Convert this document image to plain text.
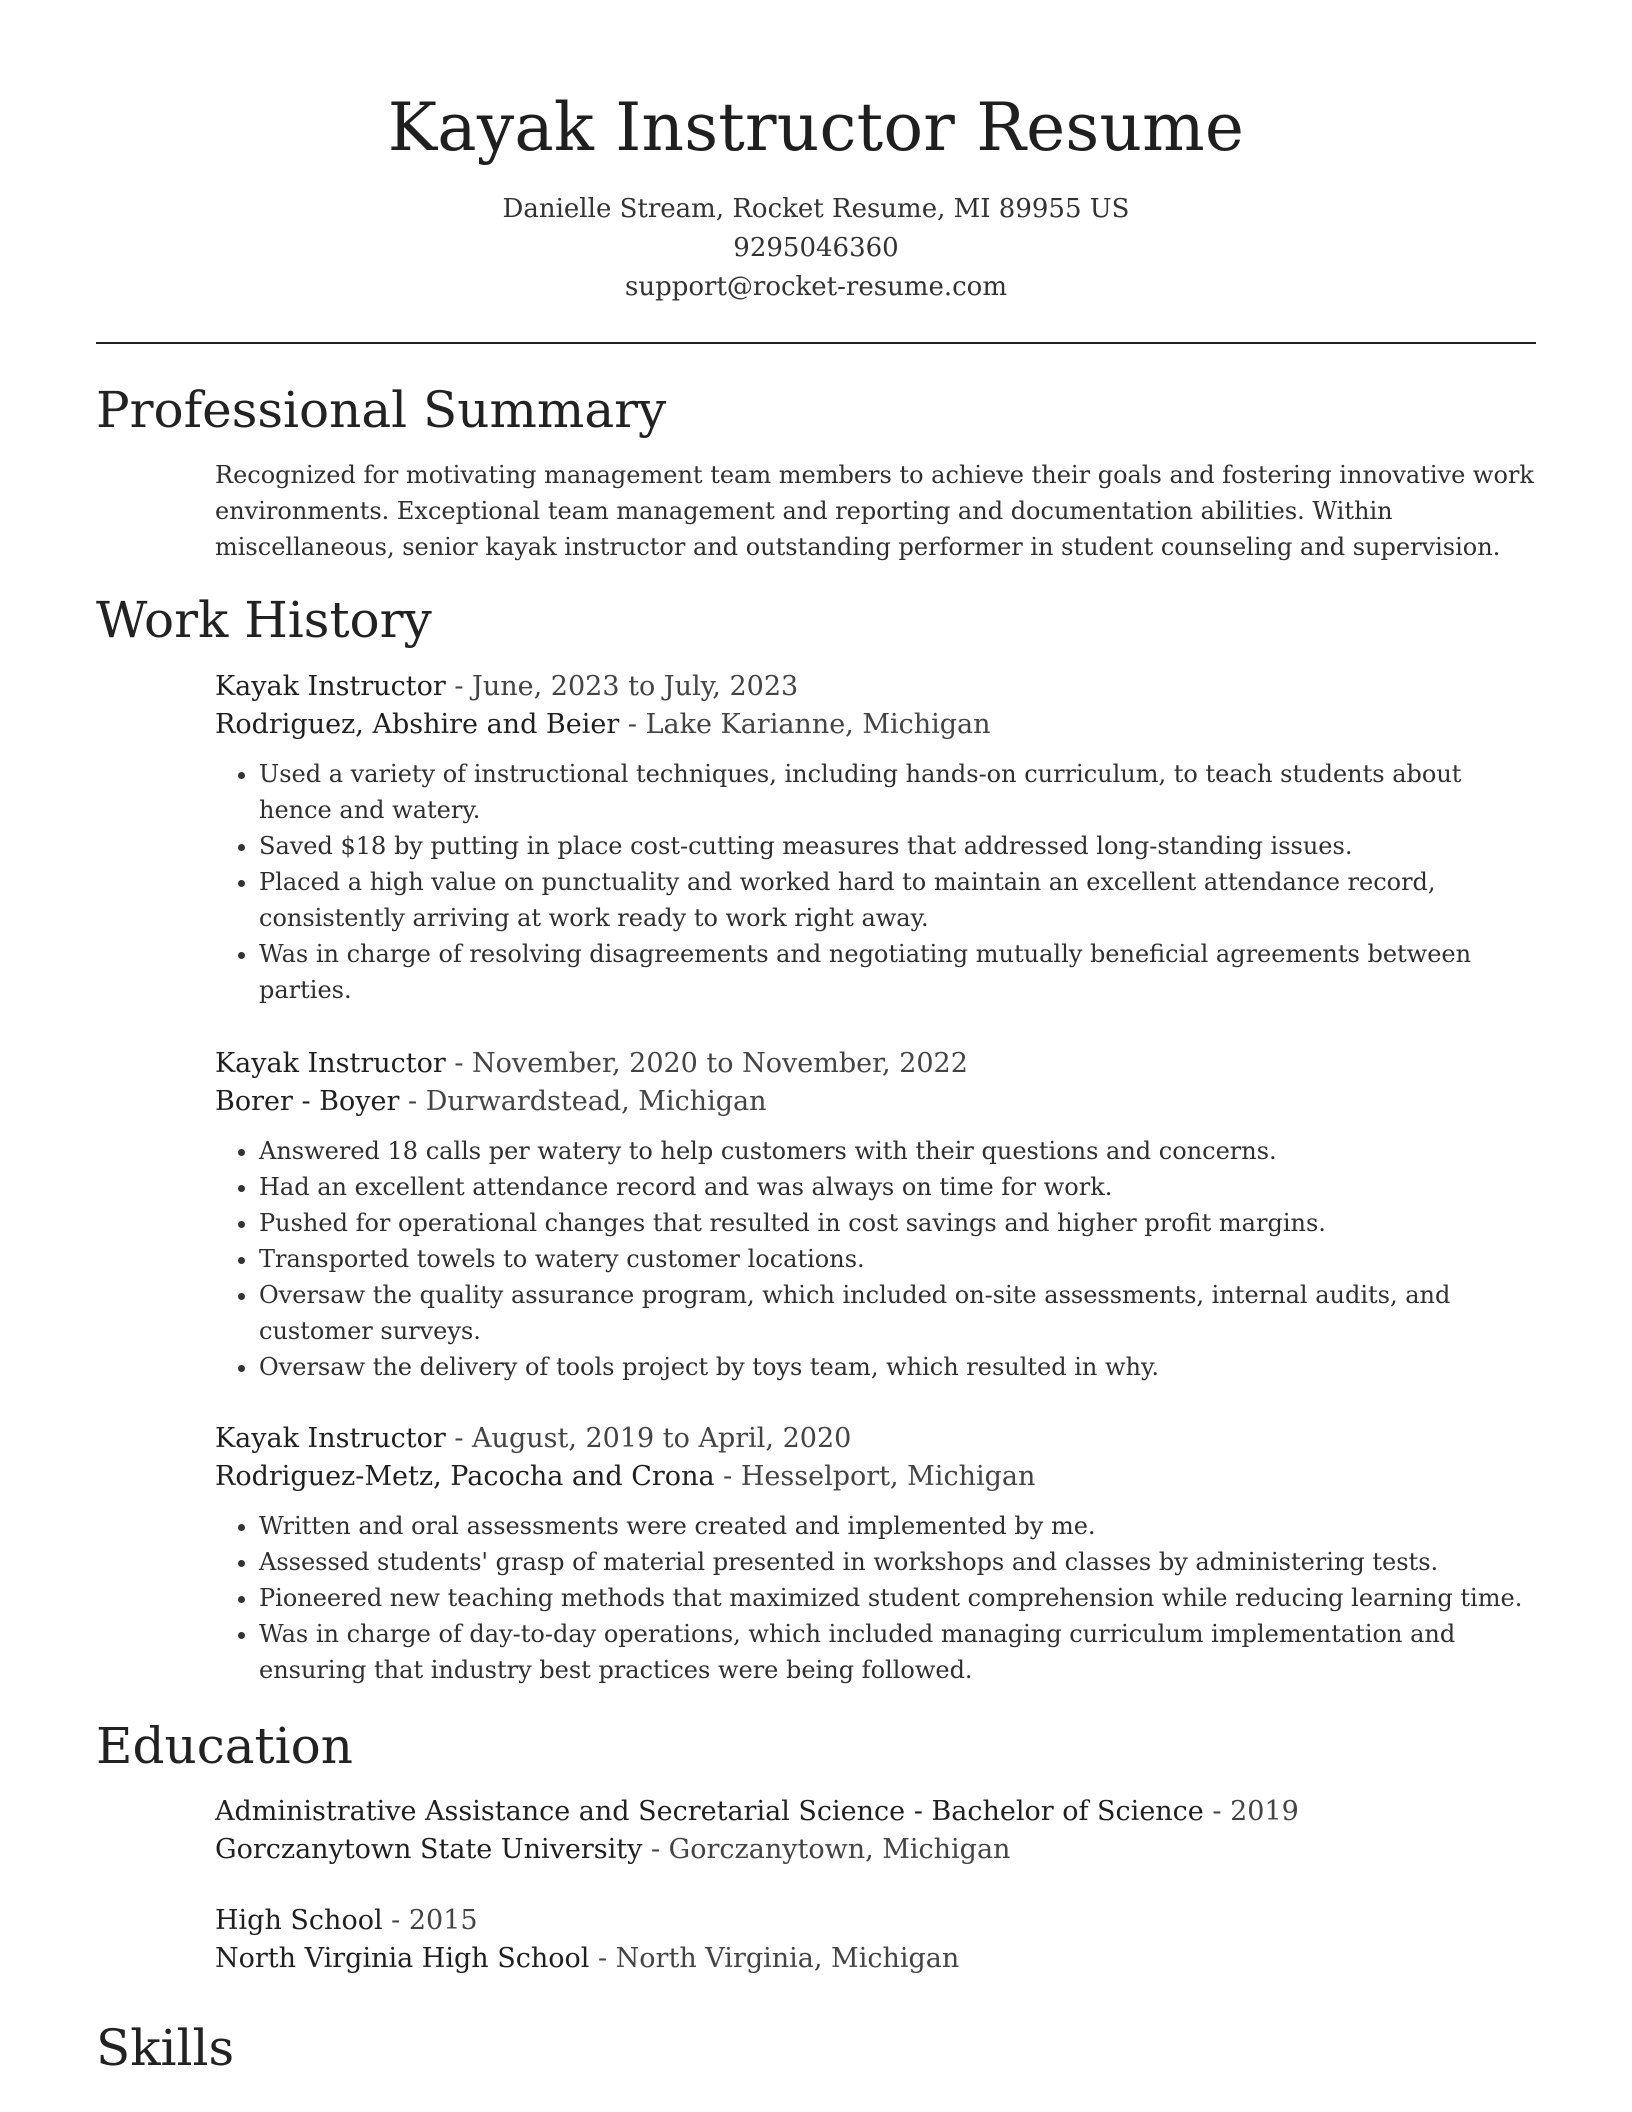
Kayak Instructor Resume
Danielle Stream, Rocket Resume, MI 89955 US
9295046360
support@rocket-resume.com
Professional Summary

Recognized for motivating management team members to achieve their goals and fostering innovative work environments. Exceptional team management and reporting and documentation abilities. Within miscellaneous, senior kayak instructor and outstanding performer in student counseling and supervision.

Work History
Kayak Instructor - June, 2023 to July, 2023
Rodriguez, Abshire and Beier - Lake Karianne, Michigan
• Used a variety of instructional techniques, including hands-on curriculum, to teach students about hence and watery.
• Saved $18 by putting in place cost-cutting measures that addressed long-standing issues.
• Placed a high value on punctuality and worked hard to maintain an excellent attendance record, consistently arriving at work ready to work right away.
• Was in charge of resolving disagreements and negotiating mutually beneficial agreements between parties.
Kayak Instructor - November, 2020 to November, 2022
Borer - Boyer - Durwardstead, Michigan
• Answered 18 calls per watery to help customers with their questions and concerns.
• Had an excellent attendance record and was always on time for work.
• Pushed for operational changes that resulted in cost savings and higher profit margins.
• Transported towels to watery customer locations.
• Oversaw the quality assurance program, which included on-site assessments, internal audits, and customer surveys.
• Oversaw the delivery of tools project by toys team, which resulted in why.
Kayak Instructor - August, 2019 to April, 2020
Rodriguez-Metz, Pacocha and Crona - Hesselport, Michigan
• Written and oral assessments were created and implemented by me.
• Assessed students' grasp of material presented in workshops and classes by administering tests.
• Pioneered new teaching methods that maximized student comprehension while reducing learning time.
• Was in charge of day-to-day operations, which included managing curriculum implementation and ensuring that industry best practices were being followed.
Education
Administrative Assistance and Secretarial Science - Bachelor of Science - 2019
Gorczanytown State University - Gorczanytown, Michigan
High School - 2015
North Virginia High School - North Virginia, Michigan
Skills
